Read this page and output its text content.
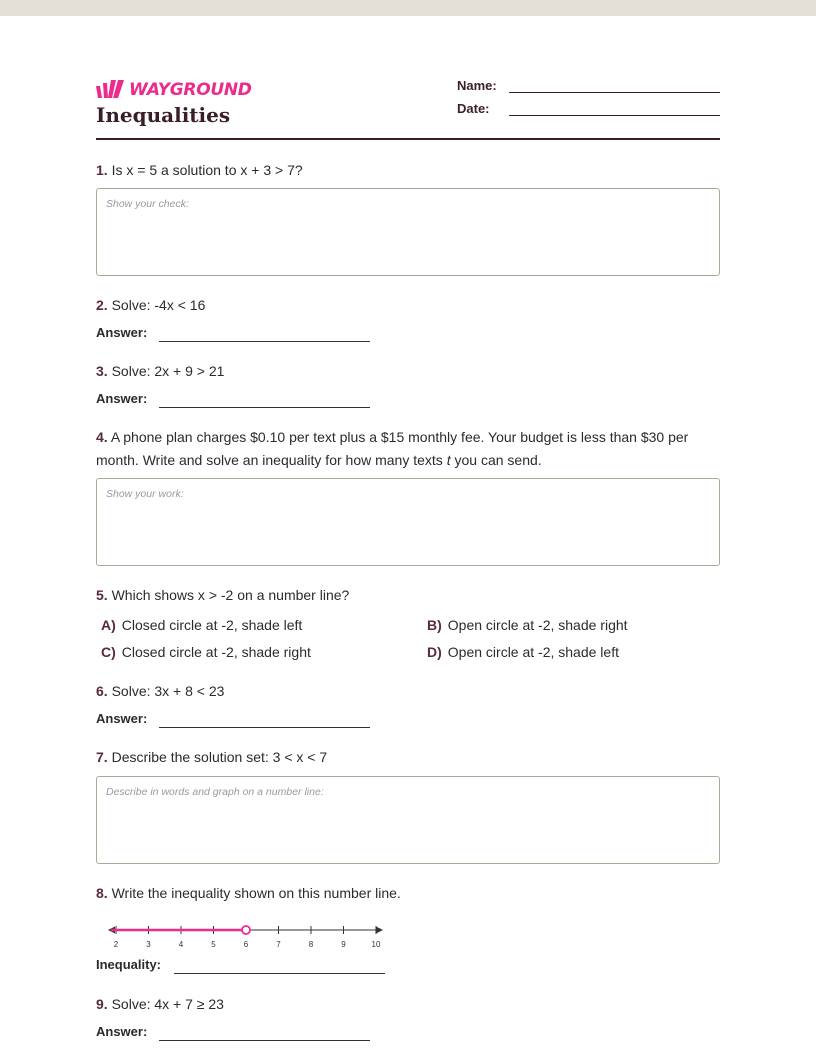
WAYGROUND
Inequalities
Name:
Date:
1. Is x = 5 a solution to x + 3 > 7?
Show your check:
2. Solve: -4x < 16
Answer:
3. Solve: 2x + 9 > 21
Answer:
4. A phone plan charges $0.10 per text plus a $15 monthly fee. Your budget is less than $30 per month. Write and solve an inequality for how many texts t you can send.
Show your work:
5. Which shows x > -2 on a number line?
A) Closed circle at -2, shade left	B) Open circle at -2, shade right
C) Closed circle at -2, shade right	D) Open circle at -2, shade left
6. Solve: 3x + 8 < 23
Answer:
7. Describe the solution set: 3 < x < 7
Describe in words and graph on a number line:
8. Write the inequality shown on this number line.
2	3	4	5	6	7	8	9	10
Inequality:
9. Solve: 4x + 7 ≥ 23
Answer:
